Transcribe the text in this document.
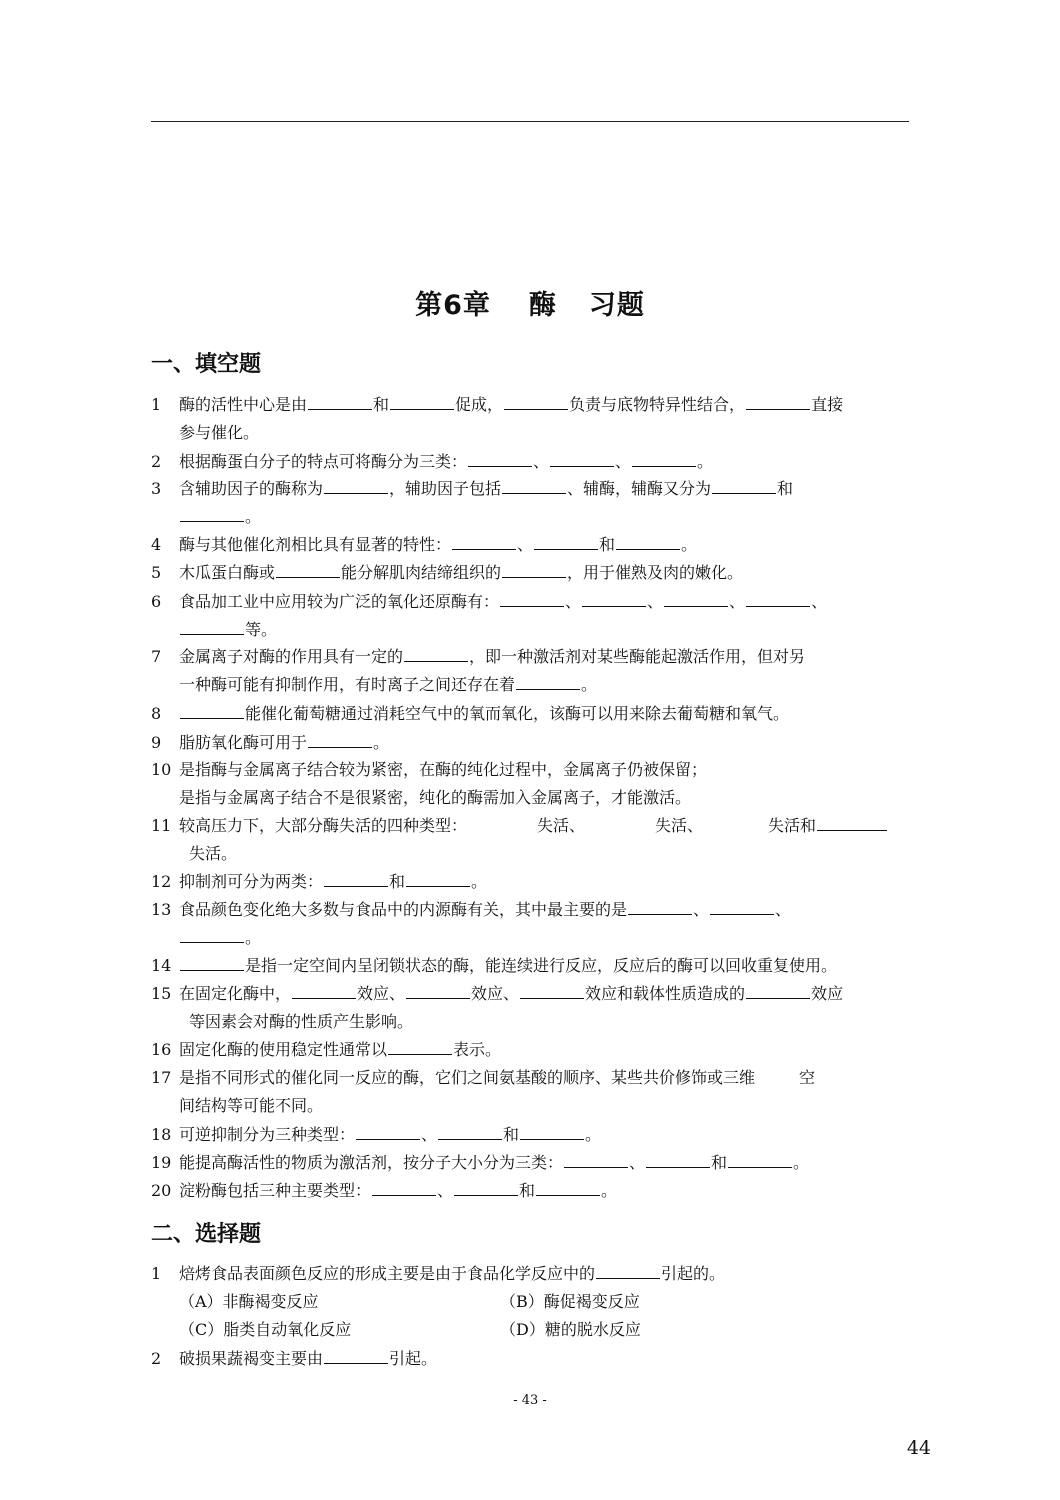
第6章 酶 习题
一、填空题
1 酶的活性中心是由	和	促成，	负责与底物特异性结合，	直接
参与催化。
2 根据酶蛋白分子的特点可将酶分为三类：	、	、	。
3 含辅助因子的酶称为	，辅助因子包括	、辅酶，辅酶又分为	和
。
4 酶与其他催化剂相比具有显著的特性：	、	和	。
5 木瓜蛋白酶或	能分解肌肉结缔组织的	，用于催熟及肉的嫩化。
6 食品加工业中应用较为广泛的氧化还原酶有：	、	、	、	、
等。
7 金属离子对酶的作用具有一定的	，即一种激活剂对某些酶能起激活作用，但对另
一种酶可能有抑制作用，有时离子之间还存在着	。
8	能催化葡萄糖通过消耗空气中的氧而氧化，该酶可以用来除去葡萄糖和氧气。
9 脂肪氧化酶可用于	。
10 是指酶与金属离子结合较为紧密，在酶的纯化过程中，金属离子仍被保留；
是指与金属离子结合不是很紧密，纯化的酶需加入金属离子，才能激活。
11 较高压力下，大部分酶失活的四种类型：	失活、	失活、	失活和
失活。
12 抑制剂可分为两类：	和	。
13 食品颜色变化绝大多数与食品中的内源酶有关，其中最主要的是	、	、
。
14	是指一定空间内呈闭锁状态的酶，能连续进行反应，反应后的酶可以回收重复使用。
15 在固定化酶中，	效应、	效应、	效应和载体性质造成的	效应
等因素会对酶的性质产生影响。
16 固定化酶的使用稳定性通常以	表示。
17 是指不同形式的催化同一反应的酶，它们之间氨基酸的顺序、某些共价修饰或三维	空
间结构等可能不同。
18 可逆抑制分为三种类型：	、	和	。
19 能提高酶活性的物质为激活剂，按分子大小分为三类：	、	和	。
20 淀粉酶包括三种主要类型：	、	和	。
二、选择题
1 焙烤食品表面颜色反应的形成主要是由于食品化学反应中的	引起的。
（A）非酶褐变反应	（B）酶促褐变反应
（C）脂类自动氧化反应	（D）糖的脱水反应
2 破损果蔬褐变主要由	引起。
- 43 -
44
